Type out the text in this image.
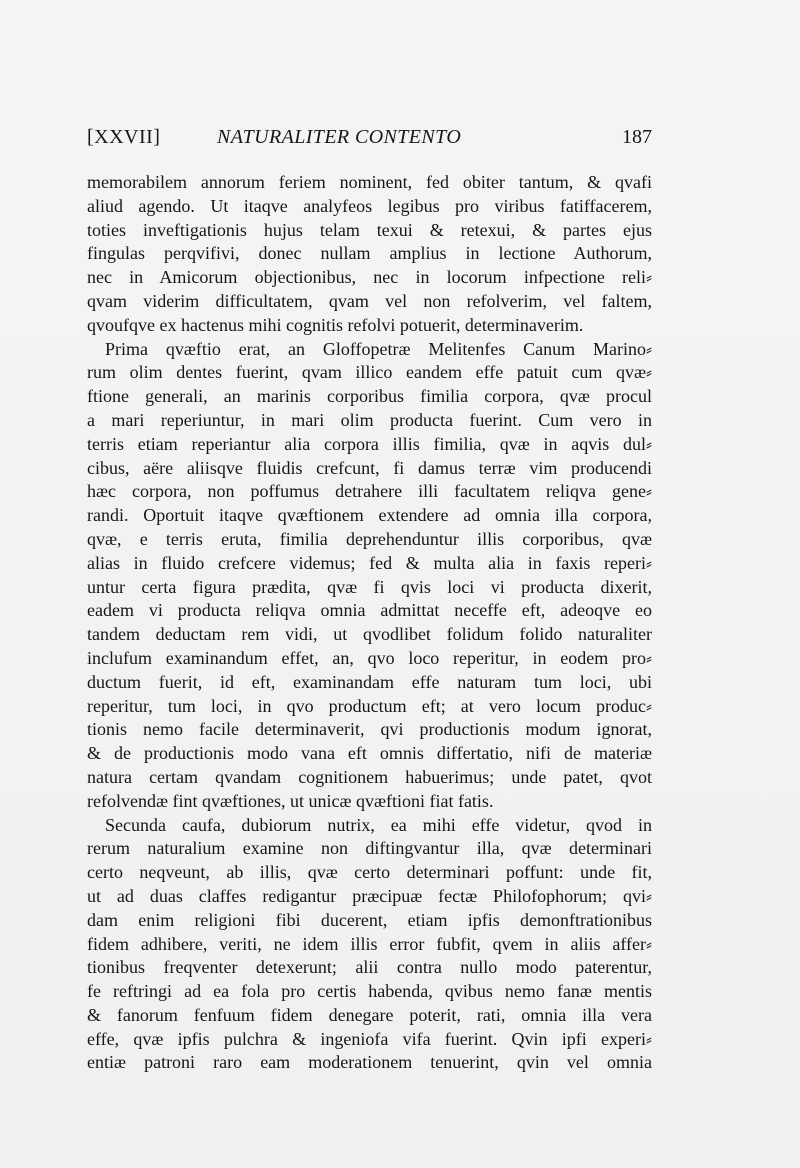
[XXVII]	NATURALITER CONTENTO	187
memorabilem annorum feriem nominent, fed obiter tantum, & qvafi
aliud agendo. Ut itaqve analyfeos legibus pro viribus fatiffacerem,
toties inveftigationis hujus telam texui & retexui, & partes ejus
fingulas perqvifivi, donec nullam amplius in lectione Authorum,
nec in Amicorum objectionibus, nec in locorum infpectione reli⸗
qvam viderim difficultatem, qvam vel non refolverim, vel faltem,
qvoufqve ex hactenus mihi cognitis refolvi potuerit, determinaverim.
Prima qvæftio erat, an Gloffopetræ Melitenfes Canum Marino⸗
rum olim dentes fuerint, qvam illico eandem effe patuit cum qvæ⸗
ftione generali, an marinis corporibus fimilia corpora, qvæ procul
a mari reperiuntur, in mari olim producta fuerint. Cum vero in
terris etiam reperiantur alia corpora illis fimilia, qvæ in aqvis dul⸗
cibus, aëre aliisqve fluidis crefcunt, fi damus terræ vim producendi
hæc corpora, non poffumus detrahere illi facultatem reliqva gene⸗
randi. Oportuit itaqve qvæftionem extendere ad omnia illa corpora,
qvæ, e terris eruta, fimilia deprehenduntur illis corporibus, qvæ
alias in fluido crefcere videmus; fed & multa alia in faxis reperi⸗
untur certa figura prædita, qvæ fi qvis loci vi producta dixerit,
eadem vi producta reliqva omnia admittat neceffe eft, adeoqve eo
tandem deductam rem vidi, ut qvodlibet folidum folido naturaliter
inclufum examinandum effet, an, qvo loco reperitur, in eodem pro⸗
ductum fuerit, id eft, examinandam effe naturam tum loci, ubi
reperitur, tum loci, in qvo productum eft; at vero locum produc⸗
tionis nemo facile determinaverit, qvi productionis modum ignorat,
& de productionis modo vana eft omnis differtatio, nifi de materiæ
natura certam qvandam cognitionem habuerimus; unde patet, qvot
refolvendæ fint qvæftiones, ut unicæ qvæftioni fiat fatis.
Secunda caufa, dubiorum nutrix, ea mihi effe videtur, qvod in
rerum naturalium examine non diftingvantur illa, qvæ determinari
certo neqveunt, ab illis, qvæ certo determinari poffunt: unde fit,
ut ad duas claffes redigantur præcipuæ fectæ Philofophorum; qvi⸗
dam enim religioni fibi ducerent, etiam ipfis demonftrationibus
fidem adhibere, veriti, ne idem illis error fubfit, qvem in aliis affer⸗
tionibus freqventer detexerunt; alii contra nullo modo paterentur,
fe reftringi ad ea fola pro certis habenda, qvibus nemo fanæ mentis
& fanorum fenfuum fidem denegare poterit, rati, omnia illa vera
effe, qvæ ipfis pulchra & ingeniofa vifa fuerint. Qvin ipfi experi⸗
entiæ patroni raro eam moderationem tenuerint, qvin vel omnia
